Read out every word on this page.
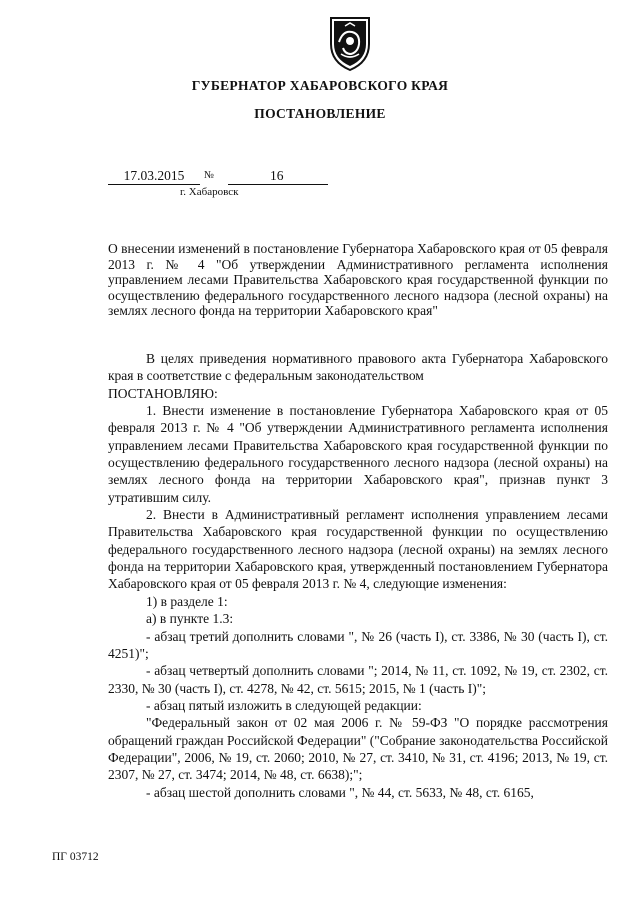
ГУБЕРНАТОР ХАБАРОВСКОГО КРАЯ
ПОСТАНОВЛЕНИЕ
17.03.2015	№	16
г. Хабаровск

О внесении изменений в постановление Губернатора Хабаровского края от 05 февраля 2013 г. № 4 "Об утверждении Административного регламента исполнения управлением лесами Правительства Хабаровского края государственной функции по осуществлению федерального государственного лесного надзора (лесной охраны) на землях лесного фонда на территории Хабаровского края"

В целях приведения нормативного правового акта Губернатора Хабаровского края в соответствие с федеральным законодательством

ПОСТАНОВЛЯЮ:

1. Внести изменение в постановление Губернатора Хабаровского края от 05 февраля 2013 г. № 4 "Об утверждении Административного регламента исполнения управлением лесами Правительства Хабаровского края государственной функции по осуществлению федерального государственного лесного надзора (лесной охраны) на землях лесного фонда на территории Хабаровского края", признав пункт 3 утратившим силу.

2. Внести в Административный регламент исполнения управлением лесами Правительства Хабаровского края государственной функции по осуществлению федерального государственного лесного надзора (лесной охраны) на землях лесного фонда на территории Хабаровского края, утвержденный постановлением Губернатора Хабаровского края от 05 февраля 2013 г. № 4, следующие изменения:

1) в разделе 1:

а) в пункте 1.3:

- абзац третий дополнить словами ", № 26 (часть I), ст. 3386, № 30 (часть I), ст. 4251)";

- абзац четвертый дополнить словами "; 2014, № 11, ст. 1092, № 19, ст. 2302, ст. 2330, № 30 (часть I), ст. 4278, № 42, ст. 5615; 2015, № 1 (часть I)";

- абзац пятый изложить в следующей редакции:

"Федеральный закон от 02 мая 2006 г. № 59-ФЗ "О порядке рассмотрения обращений граждан Российской Федерации" ("Собрание законодательства Российской Федерации", 2006, № 19, ст. 2060; 2010, № 27, ст. 3410, № 31, ст. 4196; 2013, № 19, ст. 2307, № 27, ст. 3474; 2014, № 48, ст. 6638);";

- абзац шестой дополнить словами ", № 44, ст. 5633, № 48, ст. 6165,

ПГ 03712
